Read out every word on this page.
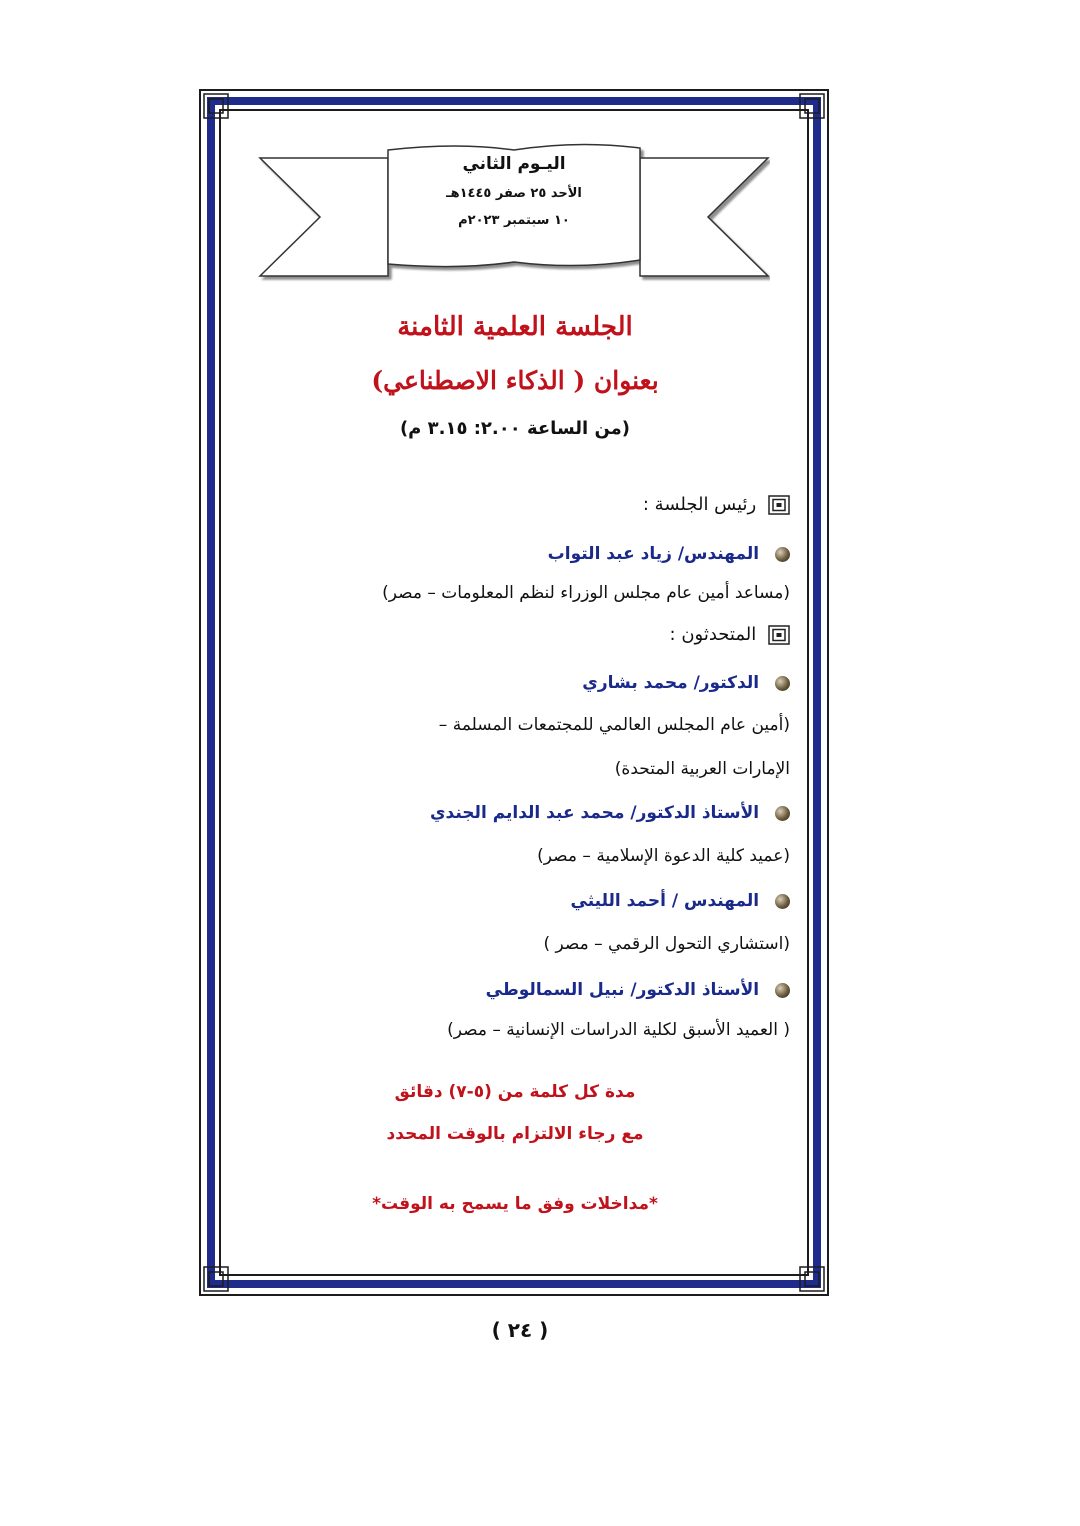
اليـوم الثاني
الأحد ٢٥ صفر ١٤٤٥هـ
١٠ سبتمبر ٢٠٢٣م
الجلسة العلمية الثامنة
بعنوان ( الذكاء الاصطناعي)
(من الساعة ٢.٠٠: ٣.١٥ م)
رئيس الجلسة :
المهندس/ زياد عبد التواب
(مساعد أمين عام مجلس الوزراء لنظم المعلومات – مصر)
المتحدثون :
الدكتور/ محمد بشاري
(أمين عام المجلس العالمي للمجتمعات المسلمة –
الإمارات العربية المتحدة)
الأستاذ الدكتور/ محمد عبد الدايم الجندي
(عميد كلية الدعوة الإسلامية – مصر)
المهندس / أحمد الليثي
(استشاري التحول الرقمي – مصر )
الأستاذ الدكتور/ نبيل السمالوطي
( العميد الأسبق لكلية الدراسات الإنسانية – مصر)
مدة كل كلمة من (٥-٧) دقائق
مع رجاء الالتزام بالوقت المحدد
*مداخلات وفق ما يسمح به الوقت*
( ٢٤ )
